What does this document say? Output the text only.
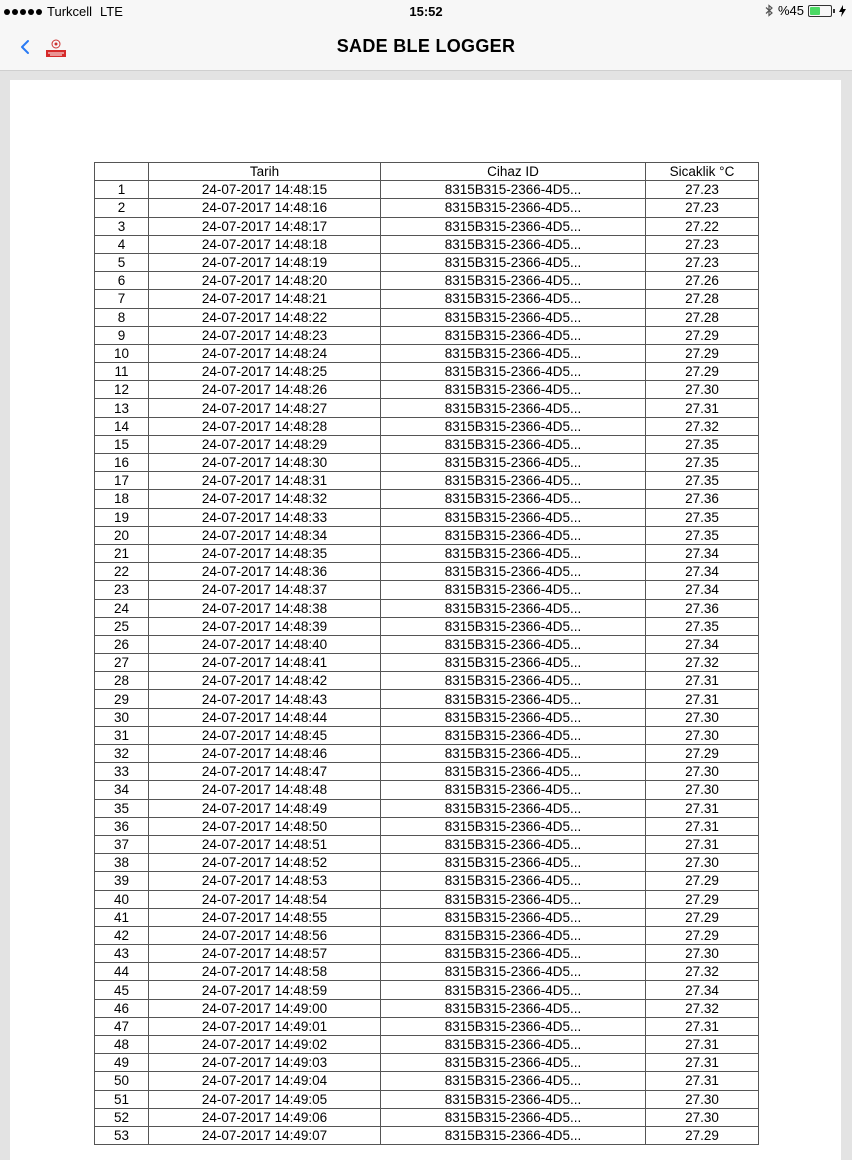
Turkcell LTE	15:52	%45
SADE BLE LOGGER
	Tarih	Cihaz ID	Sicaklik °C
1	24-07-2017 14:48:15	8315B315-2366-4D5...	27.23
2	24-07-2017 14:48:16	8315B315-2366-4D5...	27.23
3	24-07-2017 14:48:17	8315B315-2366-4D5...	27.22
4	24-07-2017 14:48:18	8315B315-2366-4D5...	27.23
5	24-07-2017 14:48:19	8315B315-2366-4D5...	27.23
6	24-07-2017 14:48:20	8315B315-2366-4D5...	27.26
7	24-07-2017 14:48:21	8315B315-2366-4D5...	27.28
8	24-07-2017 14:48:22	8315B315-2366-4D5...	27.28
9	24-07-2017 14:48:23	8315B315-2366-4D5...	27.29
10	24-07-2017 14:48:24	8315B315-2366-4D5...	27.29
11	24-07-2017 14:48:25	8315B315-2366-4D5...	27.29
12	24-07-2017 14:48:26	8315B315-2366-4D5...	27.30
13	24-07-2017 14:48:27	8315B315-2366-4D5...	27.31
14	24-07-2017 14:48:28	8315B315-2366-4D5...	27.32
15	24-07-2017 14:48:29	8315B315-2366-4D5...	27.35
16	24-07-2017 14:48:30	8315B315-2366-4D5...	27.35
17	24-07-2017 14:48:31	8315B315-2366-4D5...	27.35
18	24-07-2017 14:48:32	8315B315-2366-4D5...	27.36
19	24-07-2017 14:48:33	8315B315-2366-4D5...	27.35
20	24-07-2017 14:48:34	8315B315-2366-4D5...	27.35
21	24-07-2017 14:48:35	8315B315-2366-4D5...	27.34
22	24-07-2017 14:48:36	8315B315-2366-4D5...	27.34
23	24-07-2017 14:48:37	8315B315-2366-4D5...	27.34
24	24-07-2017 14:48:38	8315B315-2366-4D5...	27.36
25	24-07-2017 14:48:39	8315B315-2366-4D5...	27.35
26	24-07-2017 14:48:40	8315B315-2366-4D5...	27.34
27	24-07-2017 14:48:41	8315B315-2366-4D5...	27.32
28	24-07-2017 14:48:42	8315B315-2366-4D5...	27.31
29	24-07-2017 14:48:43	8315B315-2366-4D5...	27.31
30	24-07-2017 14:48:44	8315B315-2366-4D5...	27.30
31	24-07-2017 14:48:45	8315B315-2366-4D5...	27.30
32	24-07-2017 14:48:46	8315B315-2366-4D5...	27.29
33	24-07-2017 14:48:47	8315B315-2366-4D5...	27.30
34	24-07-2017 14:48:48	8315B315-2366-4D5...	27.30
35	24-07-2017 14:48:49	8315B315-2366-4D5...	27.31
36	24-07-2017 14:48:50	8315B315-2366-4D5...	27.31
37	24-07-2017 14:48:51	8315B315-2366-4D5...	27.31
38	24-07-2017 14:48:52	8315B315-2366-4D5...	27.30
39	24-07-2017 14:48:53	8315B315-2366-4D5...	27.29
40	24-07-2017 14:48:54	8315B315-2366-4D5...	27.29
41	24-07-2017 14:48:55	8315B315-2366-4D5...	27.29
42	24-07-2017 14:48:56	8315B315-2366-4D5...	27.29
43	24-07-2017 14:48:57	8315B315-2366-4D5...	27.30
44	24-07-2017 14:48:58	8315B315-2366-4D5...	27.32
45	24-07-2017 14:48:59	8315B315-2366-4D5...	27.34
46	24-07-2017 14:49:00	8315B315-2366-4D5...	27.32
47	24-07-2017 14:49:01	8315B315-2366-4D5...	27.31
48	24-07-2017 14:49:02	8315B315-2366-4D5...	27.31
49	24-07-2017 14:49:03	8315B315-2366-4D5...	27.31
50	24-07-2017 14:49:04	8315B315-2366-4D5...	27.31
51	24-07-2017 14:49:05	8315B315-2366-4D5...	27.30
52	24-07-2017 14:49:06	8315B315-2366-4D5...	27.30
53	24-07-2017 14:49:07	8315B315-2366-4D5...	27.29
